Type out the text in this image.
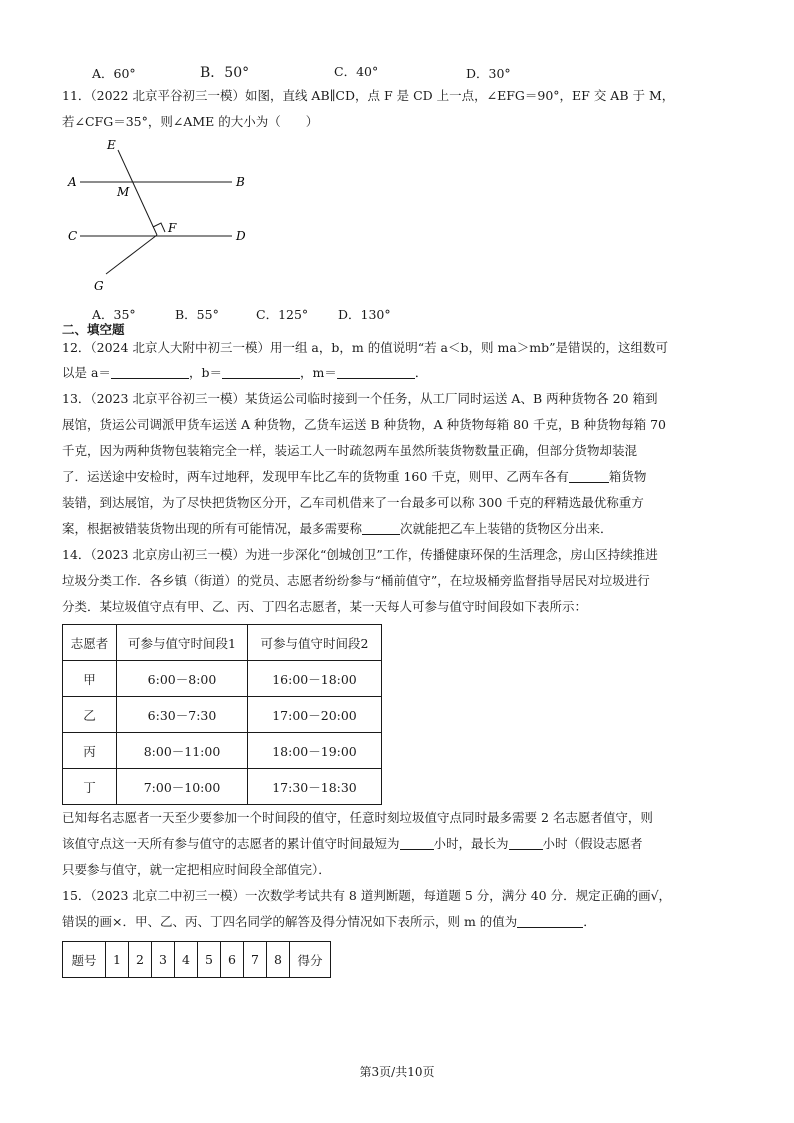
A．60°	B．50°	C．40°	D．30°
11．（2022 北京平谷初三一模）如图，直线 AB∥CD，点 F 是 CD 上一点，∠EFG＝90°，EF 交 AB 于 M，
若∠CFG＝35°，则∠AME 的大小为（　　）
E
A	B
M
C
F
D
G
A．35°	B．55°	C．125° D．130°
二、填空题
12．（2024 北京人大附中初三一模）用一组 a，b，m 的值说明“若 a＜b，则 ma＞mb”是错误的，这组数可
以是 a＝	，b＝	，m＝	．
13．（2023 北京平谷初三一模）某货运公司临时接到一个任务，从工厂同时运送 A、B 两种货物各 20 箱到
展馆，货运公司调派甲货车运送 A 种货物，乙货车运送 B 种货物，A 种货物每箱 80 千克，B 种货物每箱 70
千克，因为两种货物包装箱完全一样，装运工人一时疏忽两车虽然所装货物数量正确，但部分货物却装混
了．运送途中安检时，两车过地秤，发现甲车比乙车的货物重 160 千克，则甲、乙两车各有	箱货物
装错，到达展馆，为了尽快把货物区分开，乙车司机借来了一台最多可以称 300 千克的秤精选最优称重方
案，根据被错装货物出现的所有可能情况，最多需要称	次就能把乙车上装错的货物区分出来．
14．（2023 北京房山初三一模）为进一步深化“创城创卫”工作，传播健康环保的生活理念，房山区持续推进
垃圾分类工作．各乡镇（街道）的党员、志愿者纷纷参与“桶前值守”，在垃圾桶旁监督指导居民对垃圾进行
分类．某垃圾值守点有甲、乙、丙、丁四名志愿者，某一天每人可参与值守时间段如下表所示：
志愿者	可参与值守时间段1	可参与值守时间段2
甲	6:00－8:00	16:00－18:00
乙	6:30－7:30	17:00－20:00
丙	8:00－11:00	18:00－19:00
丁	7:00－10:00	17:30－18:30
已知每名志愿者一天至少要参加一个时间段的值守，任意时刻垃圾值守点同时最多需要 2 名志愿者值守，则
该值守点这一天所有参与值守的志愿者的累计值守时间最短为	小时，最长为	小时（假设志愿者
只要参与值守，就一定把相应时间段全部值完）．
15．（2023 北京二中初三一模）一次数学考试共有 8 道判断题，每道题 5 分，满分 40 分．规定正确的画√，
错误的画×．甲、乙、丙、丁四名同学的解答及得分情况如下表所示，则 m 的值为	．
题号	1	2	3	4	5	6	7	8	得分
第3页/共10页
